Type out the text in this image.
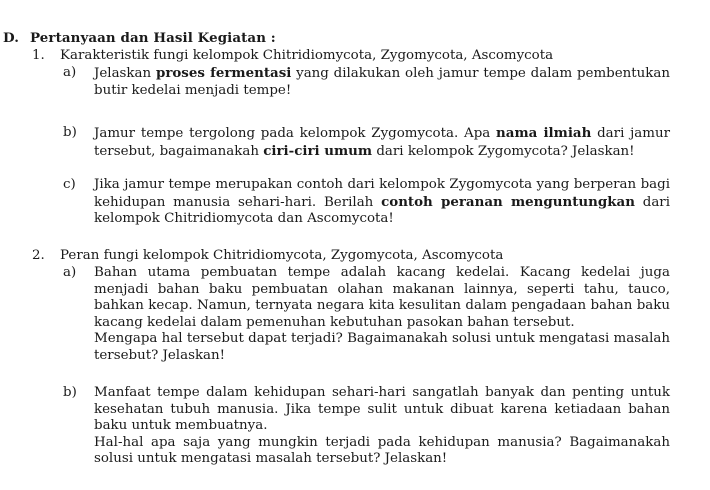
D. Pertanyaan dan Hasil Kegiatan :
1. Karakteristik fungi kelompok Chitridiomycota, Zygomycota, Ascomycota
a) Jelaskan proses fermentasi yang dilakukan oleh jamur tempe dalam pembentukan butir kedelai menjadi tempe!
b) Jamur tempe tergolong pada kelompok Zygomycota. Apa nama ilmiah dari jamur tersebut, bagaimanakah ciri-ciri umum dari kelompok Zygomycota? Jelaskan!
c) Jika jamur tempe merupakan contoh dari kelompok Zygomycota yang berperan bagi kehidupan manusia sehari-hari. Berilah contoh peranan menguntungkan dari kelompok Chitridiomycota dan Ascomycota!
2. Peran fungi kelompok Chitridiomycota, Zygomycota, Ascomycota
a) Bahan utama pembuatan tempe adalah kacang kedelai. Kacang kedelai juga menjadi bahan baku pembuatan olahan makanan lainnya, seperti tahu, tauco, bahkan kecap. Namun, ternyata negara kita kesulitan dalam pengadaan bahan baku kacang kedelai dalam pemenuhan kebutuhan pasokan bahan tersebut.

Mengapa hal tersebut dapat terjadi? Bagaimanakah solusi untuk mengatasi masalah tersebut? Jelaskan!

b) Manfaat tempe dalam kehidupan sehari-hari sangatlah banyak dan penting untuk kesehatan tubuh manusia. Jika tempe sulit untuk dibuat karena ketiadaan bahan baku untuk membuatnya.

Hal-hal apa saja yang mungkin terjadi pada kehidupan manusia? Bagaimanakah solusi untuk mengatasi masalah tersebut? Jelaskan!
